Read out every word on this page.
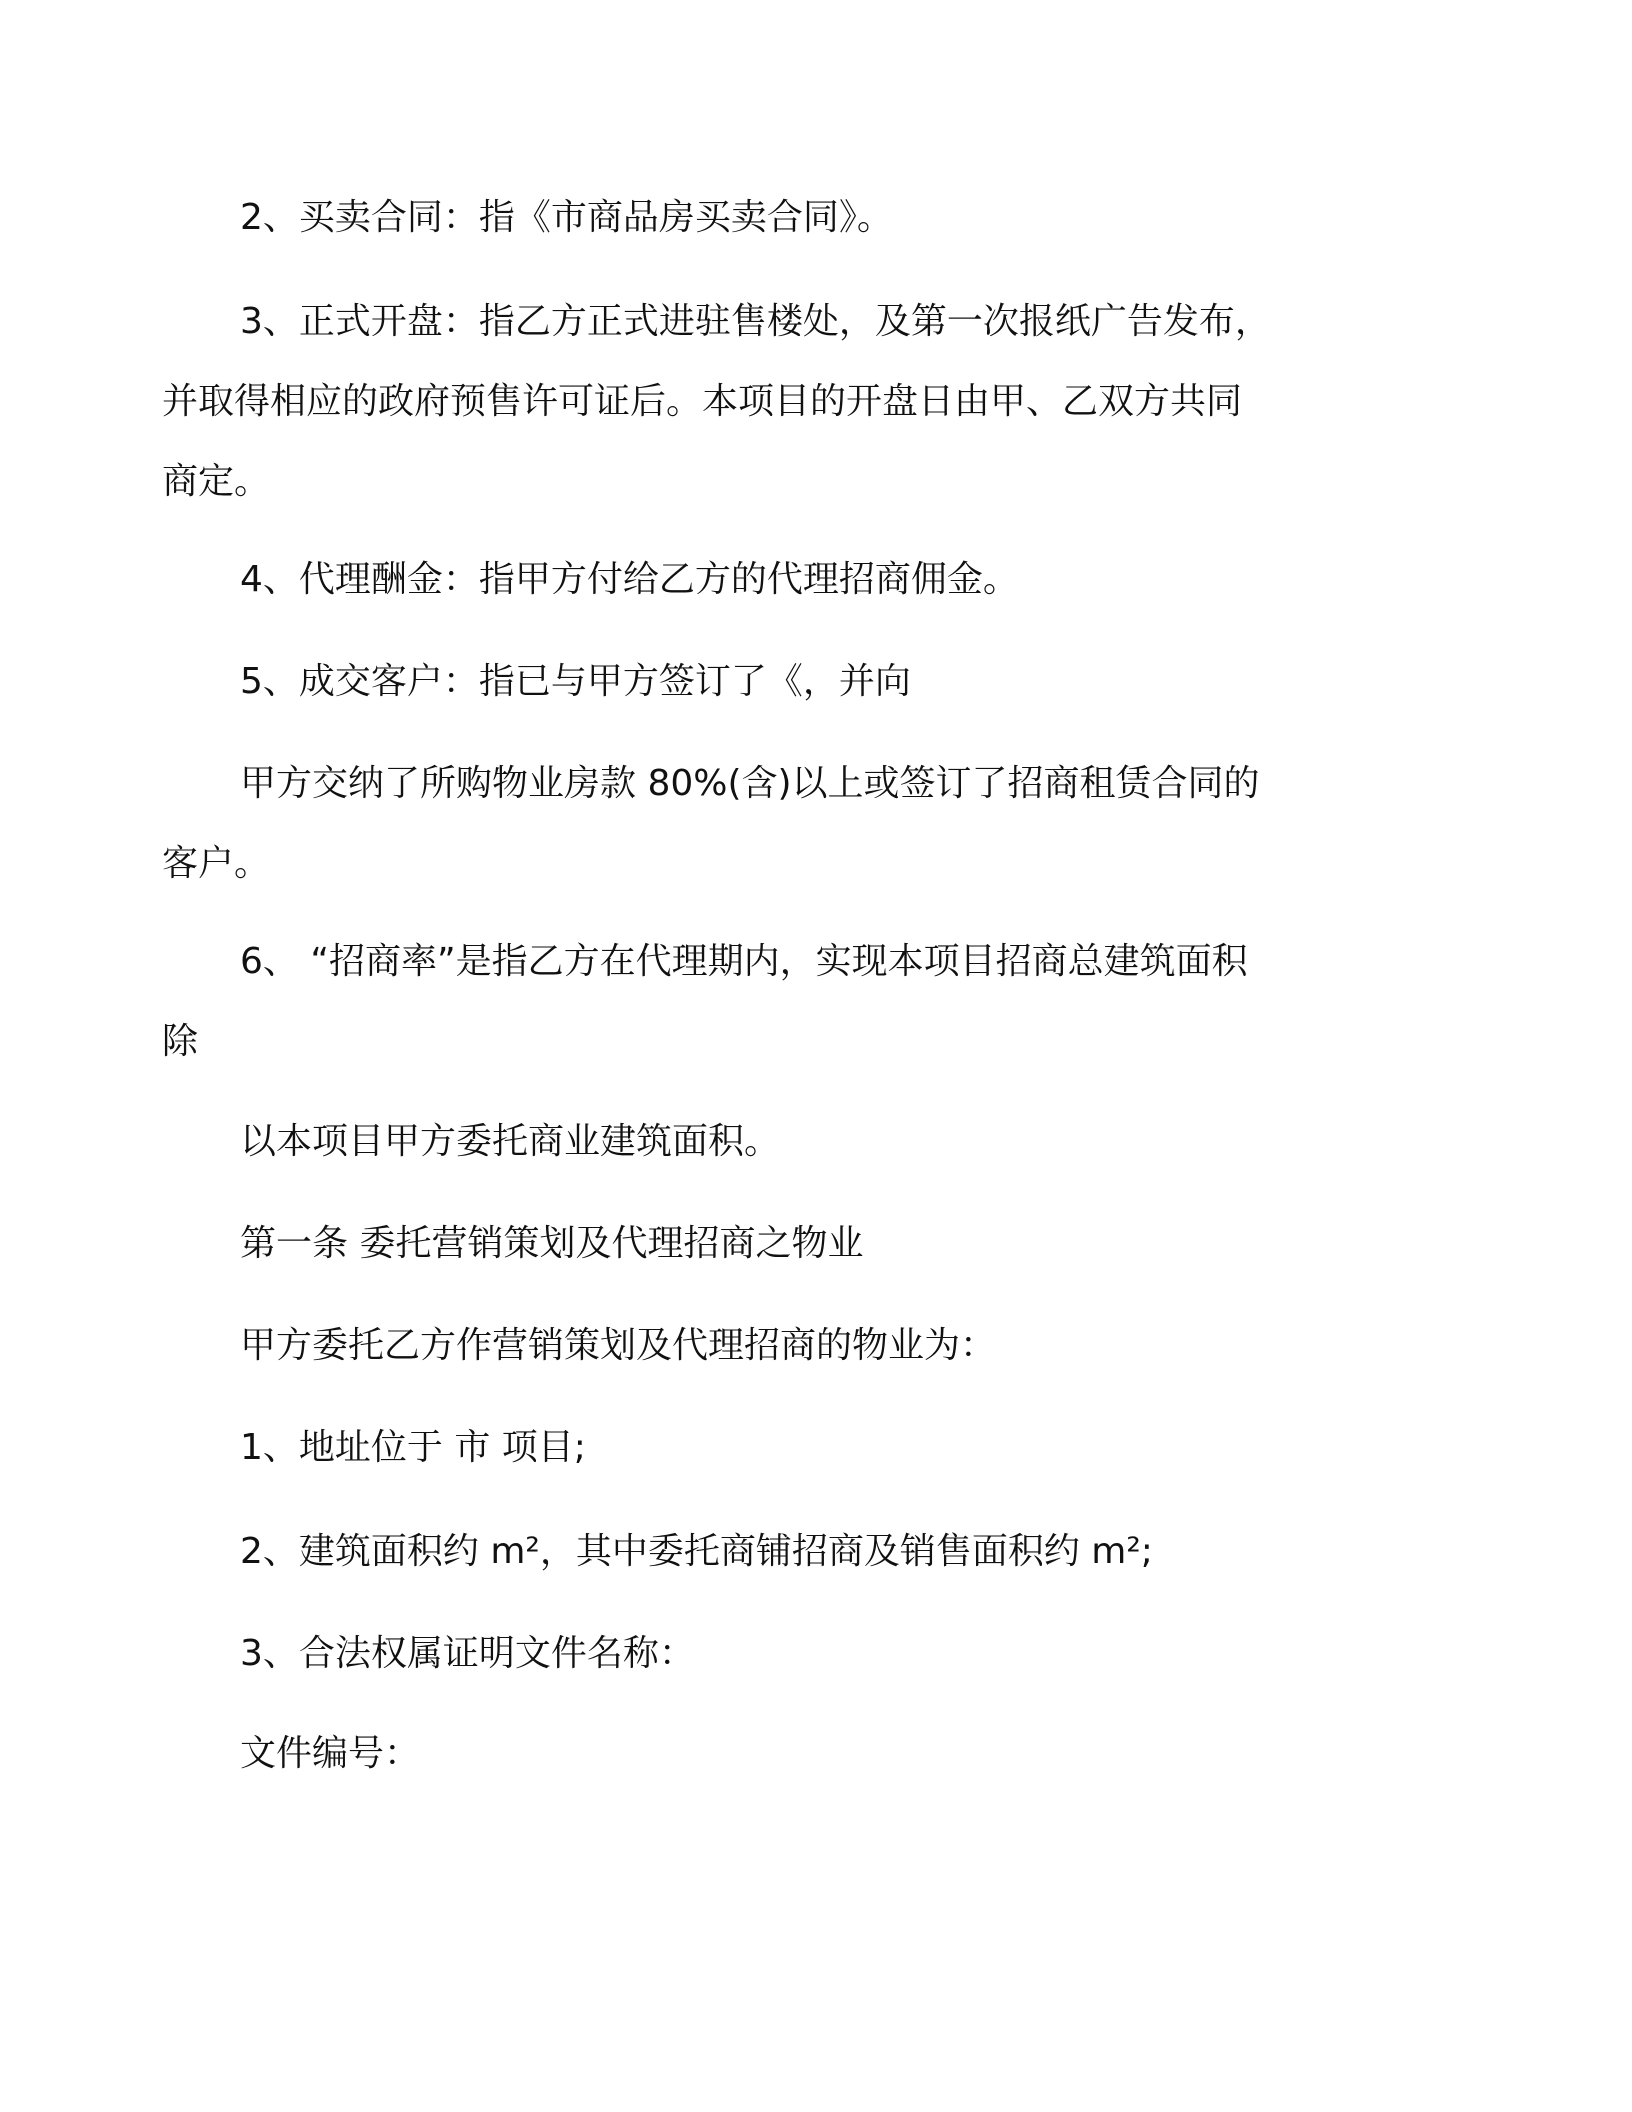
2、买卖合同：指《市商品房买卖合同》。
3、正式开盘：指乙方正式进驻售楼处，及第一次报纸广告发布，
并取得相应的政府预售许可证后。本项目的开盘日由甲、乙双方共同
商定。
4、代理酬金：指甲方付给乙方的代理招商佣金。
5、成交客户：指已与甲方签订了《，并向
甲方交纳了所购物业房款 80%(含)以上或签订了招商租赁合同的
客户。
6、 “招商率”是指乙方在代理期内，实现本项目招商总建筑面积
除
以本项目甲方委托商业建筑面积。
第一条 委托营销策划及代理招商之物业
甲方委托乙方作营销策划及代理招商的物业为：
1、地址位于 市 项目;
2、建筑面积约 m²，其中委托商铺招商及销售面积约 m²;
3、合法权属证明文件名称：
文件编号：
